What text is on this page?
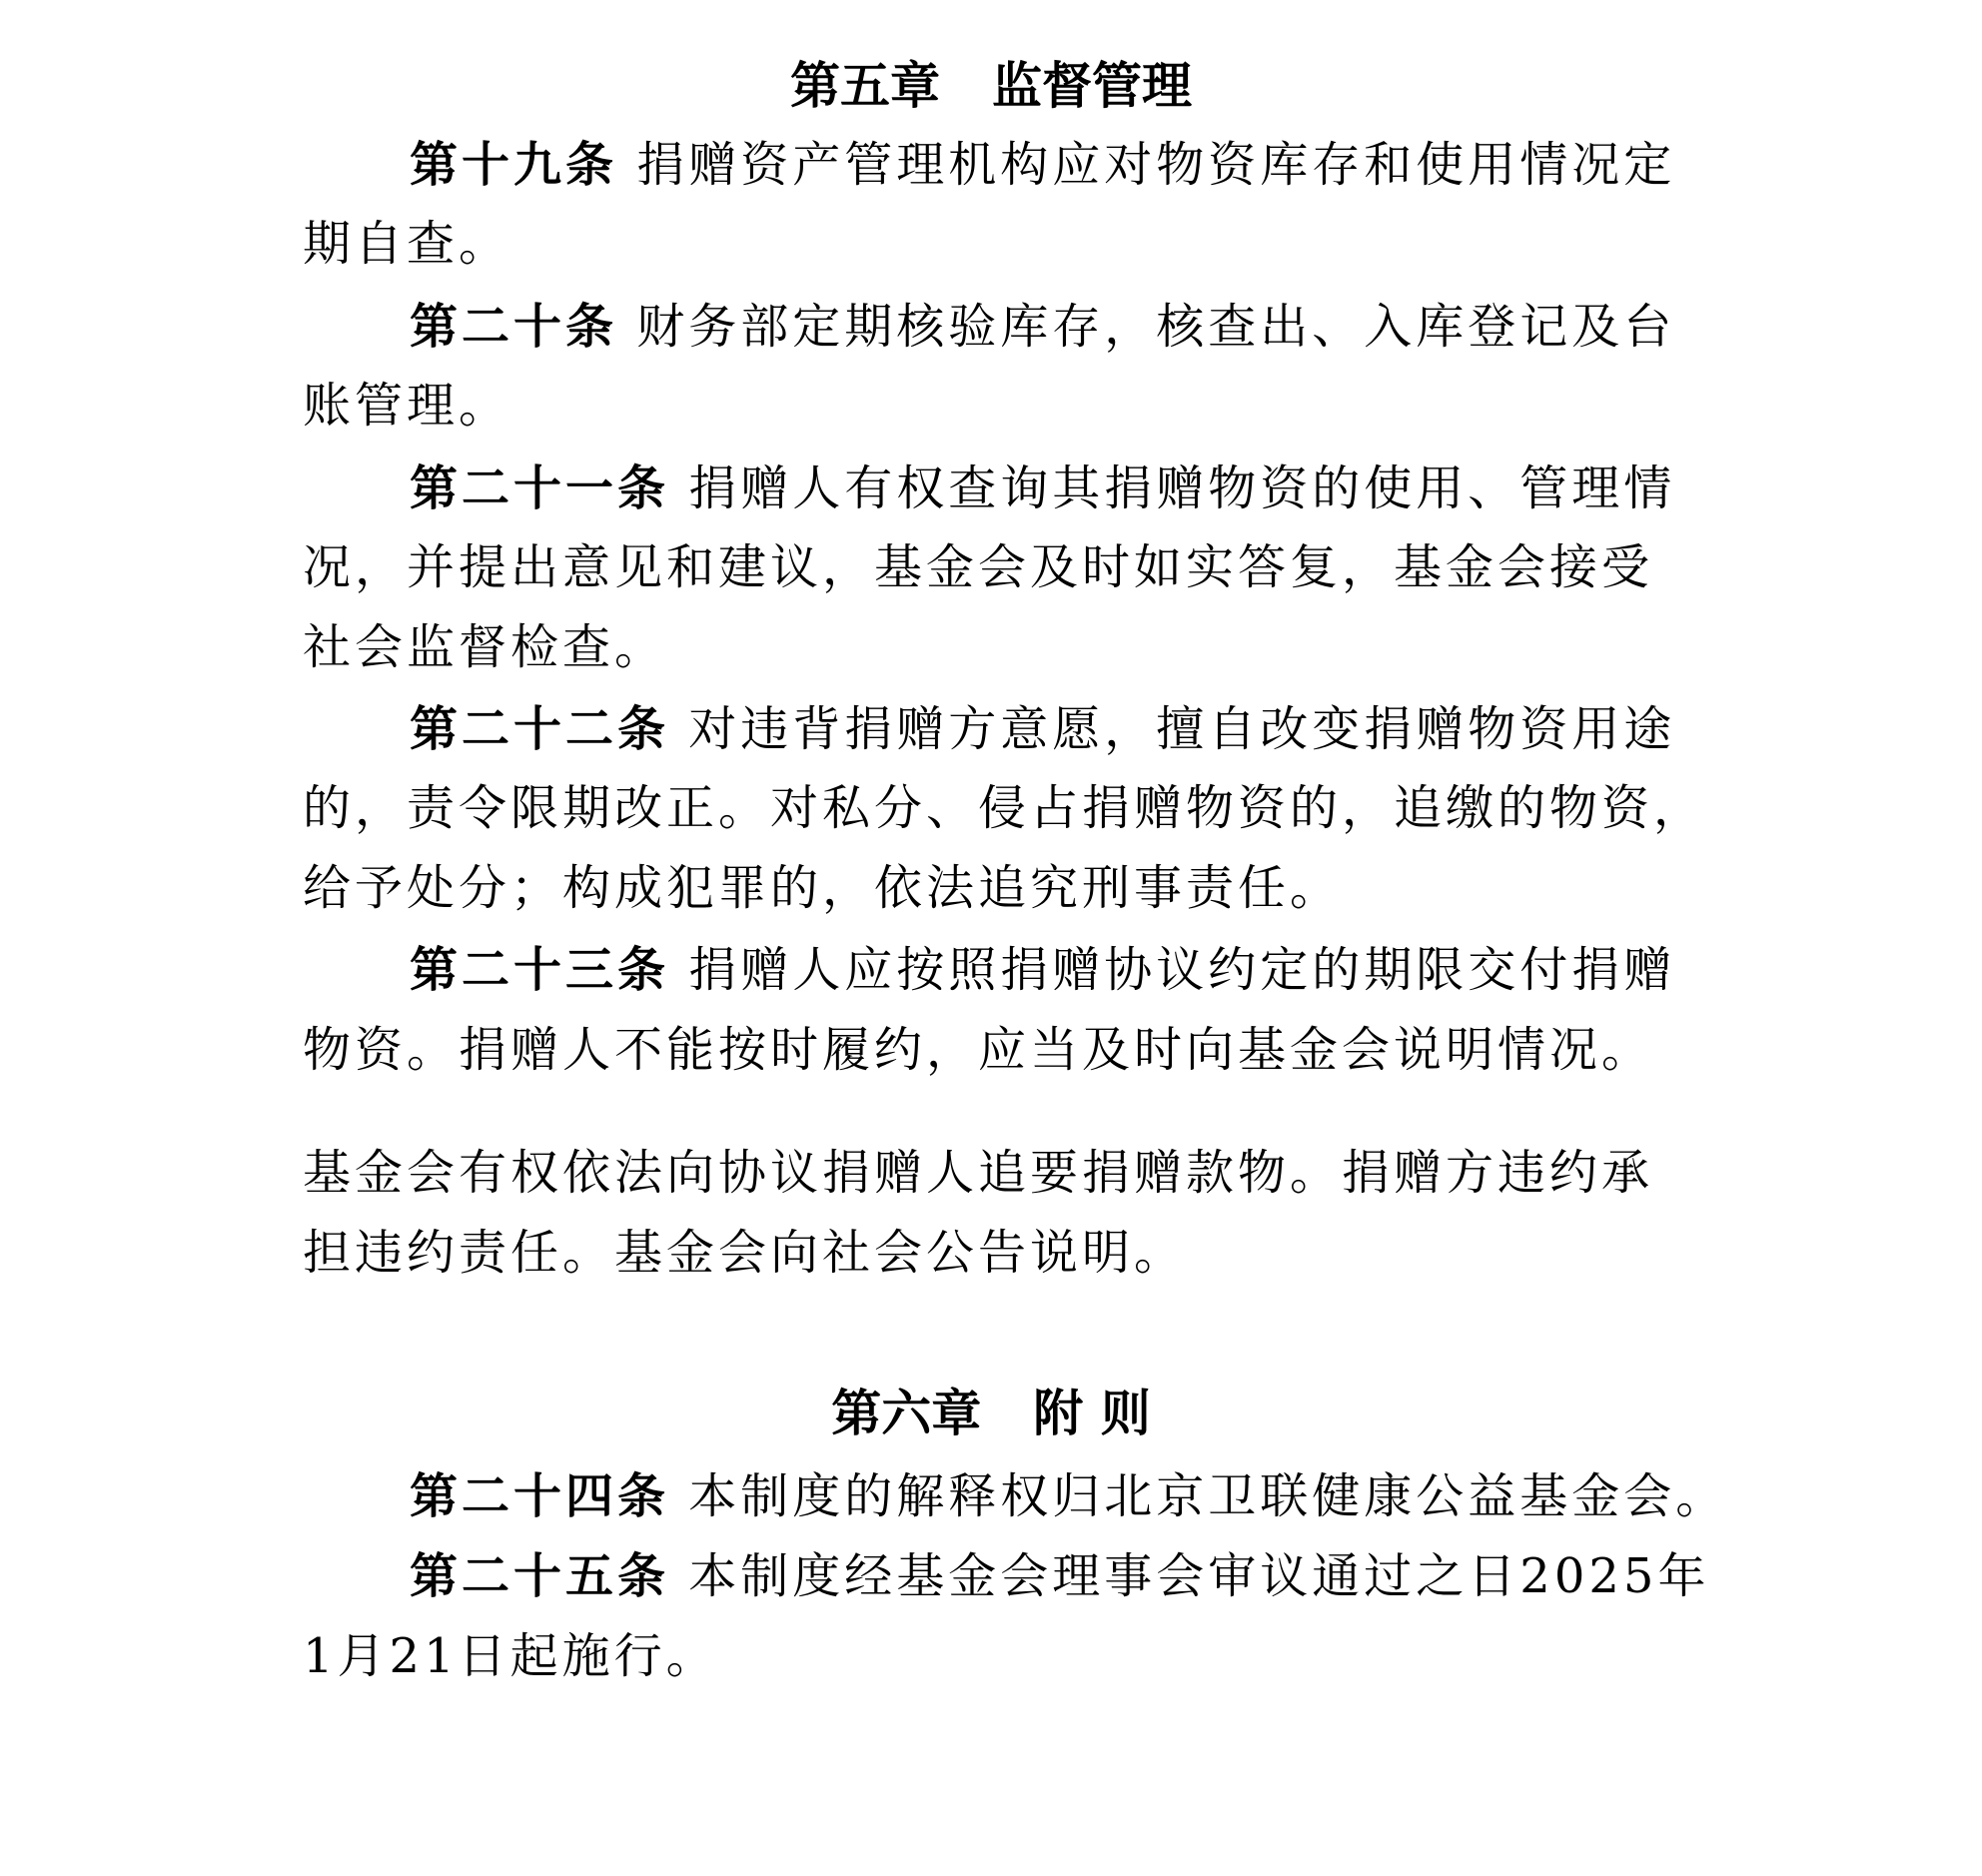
第五章 监督管理
第十九条 捐赠资产管理机构应对物资库存和使用情况定
期自查。
第二十条 财务部定期核验库存，核查出、入库登记及台
账管理。
第二十一条 捐赠人有权查询其捐赠物资的使用、管理情
况，并提出意见和建议，基金会及时如实答复，基金会接受
社会监督检查。
第二十二条 对违背捐赠方意愿，擅自改变捐赠物资用途
的，责令限期改正。对私分、侵占捐赠物资的，追缴的物资，
给予处分；构成犯罪的，依法追究刑事责任。
第二十三条 捐赠人应按照捐赠协议约定的期限交付捐赠
物资。捐赠人不能按时履约，应当及时向基金会说明情况。
基金会有权依法向协议捐赠人追要捐赠款物。捐赠方违约承
担违约责任。基金会向社会公告说明。
第六章 附 则
第二十四条 本制度的解释权归北京卫联健康公益基金会。
第二十五条 本制度经基金会理事会审议通过之日2025年
1月21日起施行。
